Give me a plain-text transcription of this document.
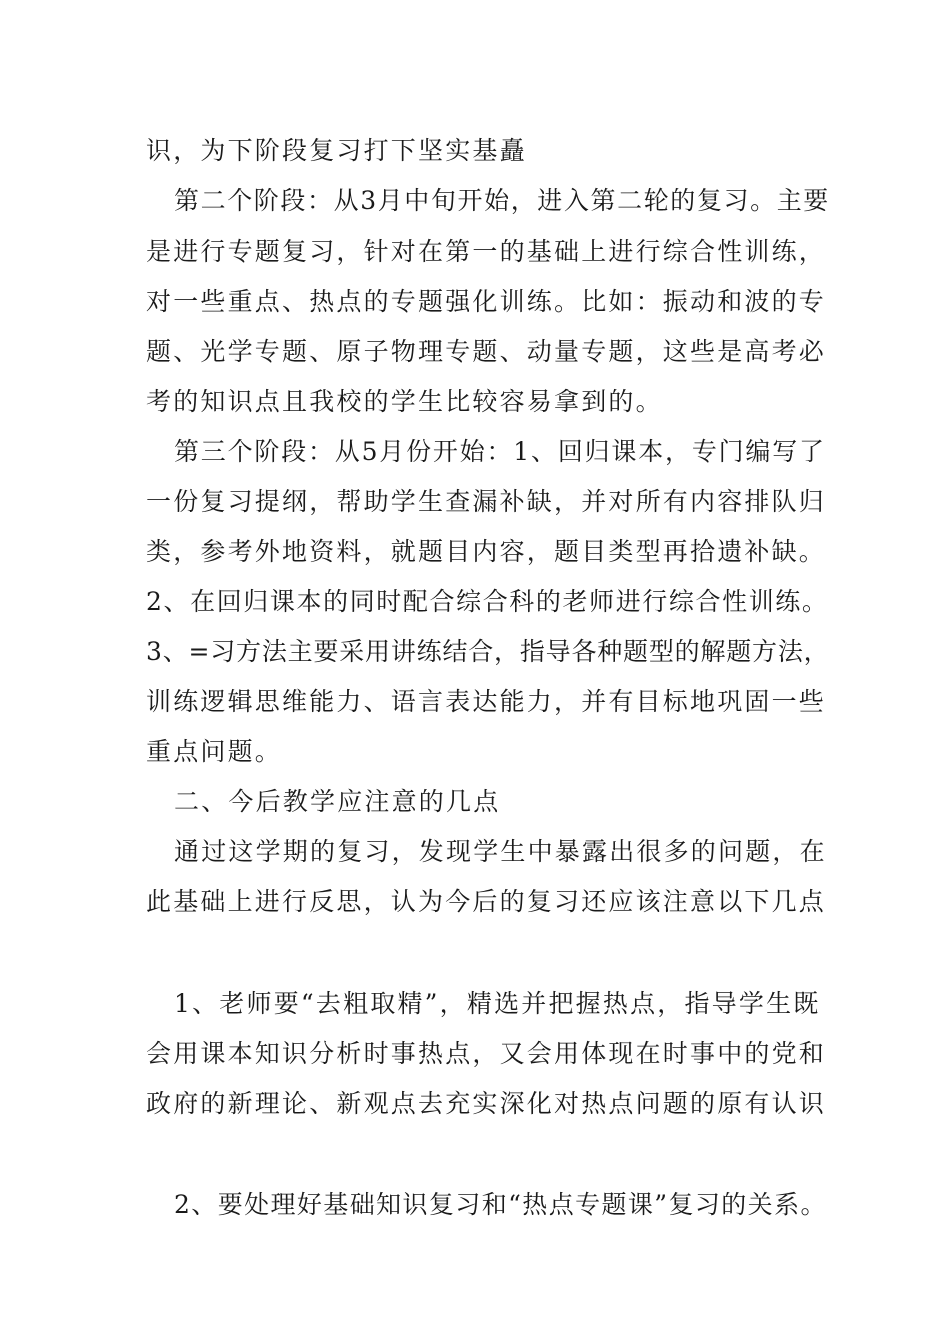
识，为下阶段复习打下坚实基矗
第二个阶段：从3月中旬开始，进入第二轮的复习。主要
是进行专题复习，针对在第一的基础上进行综合性训练，
对一些重点、热点的专题强化训练。比如：振动和波的专
题、光学专题、原子物理专题、动量专题，这些是高考必
考的知识点且我校的学生比较容易拿到的。
第三个阶段：从5月份开始：1、回归课本，专门编写了
一份复习提纲，帮助学生查漏补缺，并对所有内容排队归
类，参考外地资料，就题目内容，题目类型再拾遗补缺。
2、在回归课本的同时配合综合科的老师进行综合性训练。
3、=习方法主要采用讲练结合，指导各种题型的解题方法，
训练逻辑思维能力、语言表达能力，并有目标地巩固一些
重点问题。
二、今后教学应注意的几点
通过这学期的复习，发现学生中暴露出很多的问题，在
此基础上进行反思，认为今后的复习还应该注意以下几点
1、老师要“去粗取精”，精选并把握热点，指导学生既
会用课本知识分析时事热点，又会用体现在时事中的党和
政府的新理论、新观点去充实深化对热点问题的原有认识
2、要处理好基础知识复习和“热点专题课”复习的关系。
